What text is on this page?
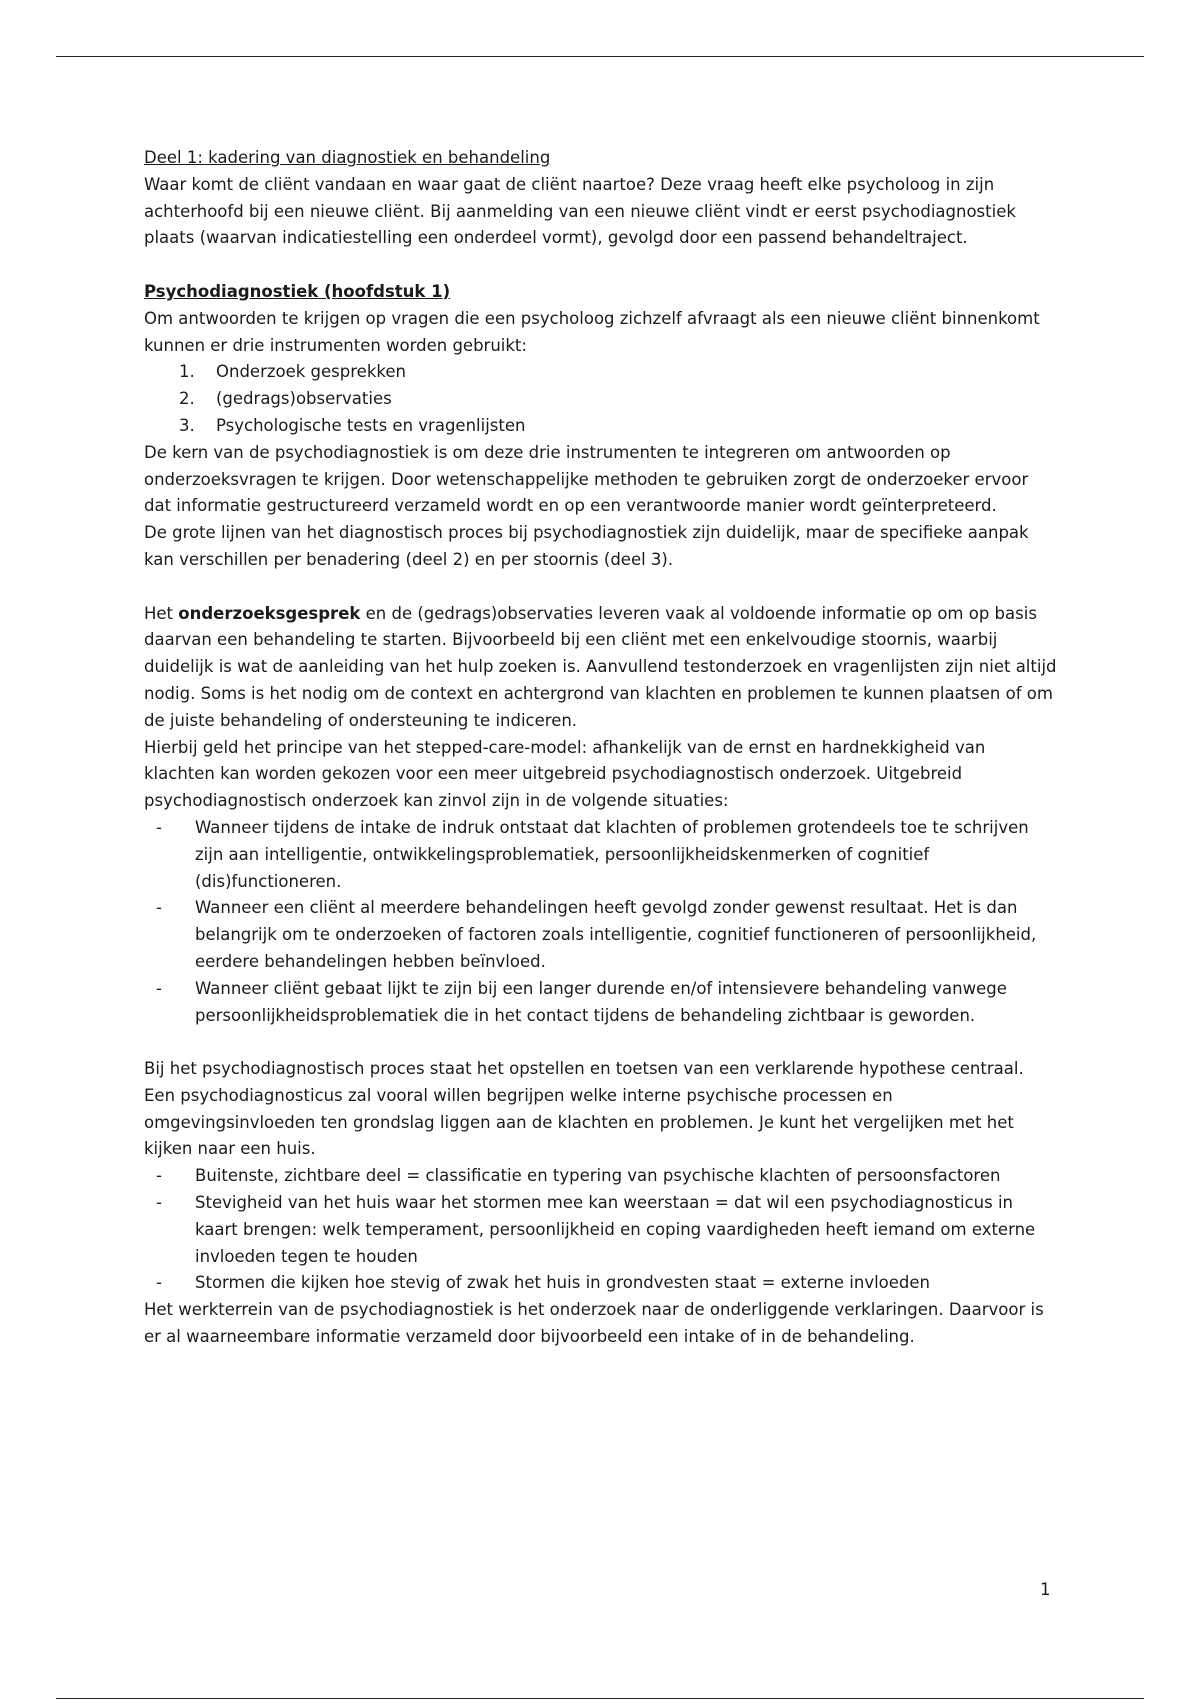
Deel 1: kadering van diagnostiek en behandeling

Waar komt de cliënt vandaan en waar gaat de cliënt naartoe? Deze vraag heeft elke psycholoog in zijn achterhoofd bij een nieuwe cliënt. Bij aanmelding van een nieuwe cliënt vindt er eerst psychodiagnostiek plaats (waarvan indicatiestelling een onderdeel vormt), gevolgd door een passend behandeltraject.

Psychodiagnostiek (hoofdstuk 1)

Om antwoorden te krijgen op vragen die een psycholoog zichzelf afvraagt als een nieuwe cliënt binnenkomt kunnen er drie instrumenten worden gebruikt:

1. Onderzoek gesprekken
2. (gedrags)observaties
3. Psychologische tests en vragenlijsten

De kern van de psychodiagnostiek is om deze drie instrumenten te integreren om antwoorden op onderzoeksvragen te krijgen. Door wetenschappelijke methoden te gebruiken zorgt de onderzoeker ervoor dat informatie gestructureerd verzameld wordt en op een verantwoorde manier wordt geïnterpreteerd.

De grote lijnen van het diagnostisch proces bij psychodiagnostiek zijn duidelijk, maar de specifieke aanpak kan verschillen per benadering (deel 2) en per stoornis (deel 3).

Het onderzoeksgesprek en de (gedrags)observaties leveren vaak al voldoende informatie op om op basis daarvan een behandeling te starten. Bijvoorbeeld bij een cliënt met een enkelvoudige stoornis, waarbij duidelijk is wat de aanleiding van het hulp zoeken is. Aanvullend testonderzoek en vragenlijsten zijn niet altijd nodig. Soms is het nodig om de context en achtergrond van klachten en problemen te kunnen plaatsen of om de juiste behandeling of ondersteuning te indiceren.

Hierbij geld het principe van het stepped-care-model: afhankelijk van de ernst en hardnekkigheid van klachten kan worden gekozen voor een meer uitgebreid psychodiagnostisch onderzoek. Uitgebreid psychodiagnostisch onderzoek kan zinvol zijn in de volgende situaties:

- Wanneer tijdens de intake de indruk ontstaat dat klachten of problemen grotendeels toe te schrijven zijn aan intelligentie, ontwikkelingsproblematiek, persoonlijkheidskenmerken of cognitief (dis)functioneren.
- Wanneer een cliënt al meerdere behandelingen heeft gevolgd zonder gewenst resultaat. Het is dan belangrijk om te onderzoeken of factoren zoals intelligentie, cognitief functioneren of persoonlijkheid, eerdere behandelingen hebben beïnvloed.
- Wanneer cliënt gebaat lijkt te zijn bij een langer durende en/of intensievere behandeling vanwege persoonlijkheidsproblematiek die in het contact tijdens de behandeling zichtbaar is geworden.

Bij het psychodiagnostisch proces staat het opstellen en toetsen van een verklarende hypothese centraal. Een psychodiagnosticus zal vooral willen begrijpen welke interne psychische processen en omgevingsinvloeden ten grondslag liggen aan de klachten en problemen. Je kunt het vergelijken met het kijken naar een huis.

- Buitenste, zichtbare deel = classificatie en typering van psychische klachten of persoonsfactoren
- Stevigheid van het huis waar het stormen mee kan weerstaan = dat wil een psychodiagnosticus in kaart brengen: welk temperament, persoonlijkheid en coping vaardigheden heeft iemand om externe invloeden tegen te houden
- Stormen die kijken hoe stevig of zwak het huis in grondvesten staat = externe invloeden

Het werkterrein van de psychodiagnostiek is het onderzoek naar de onderliggende verklaringen. Daarvoor is er al waarneembare informatie verzameld door bijvoorbeeld een intake of in de behandeling.

1
